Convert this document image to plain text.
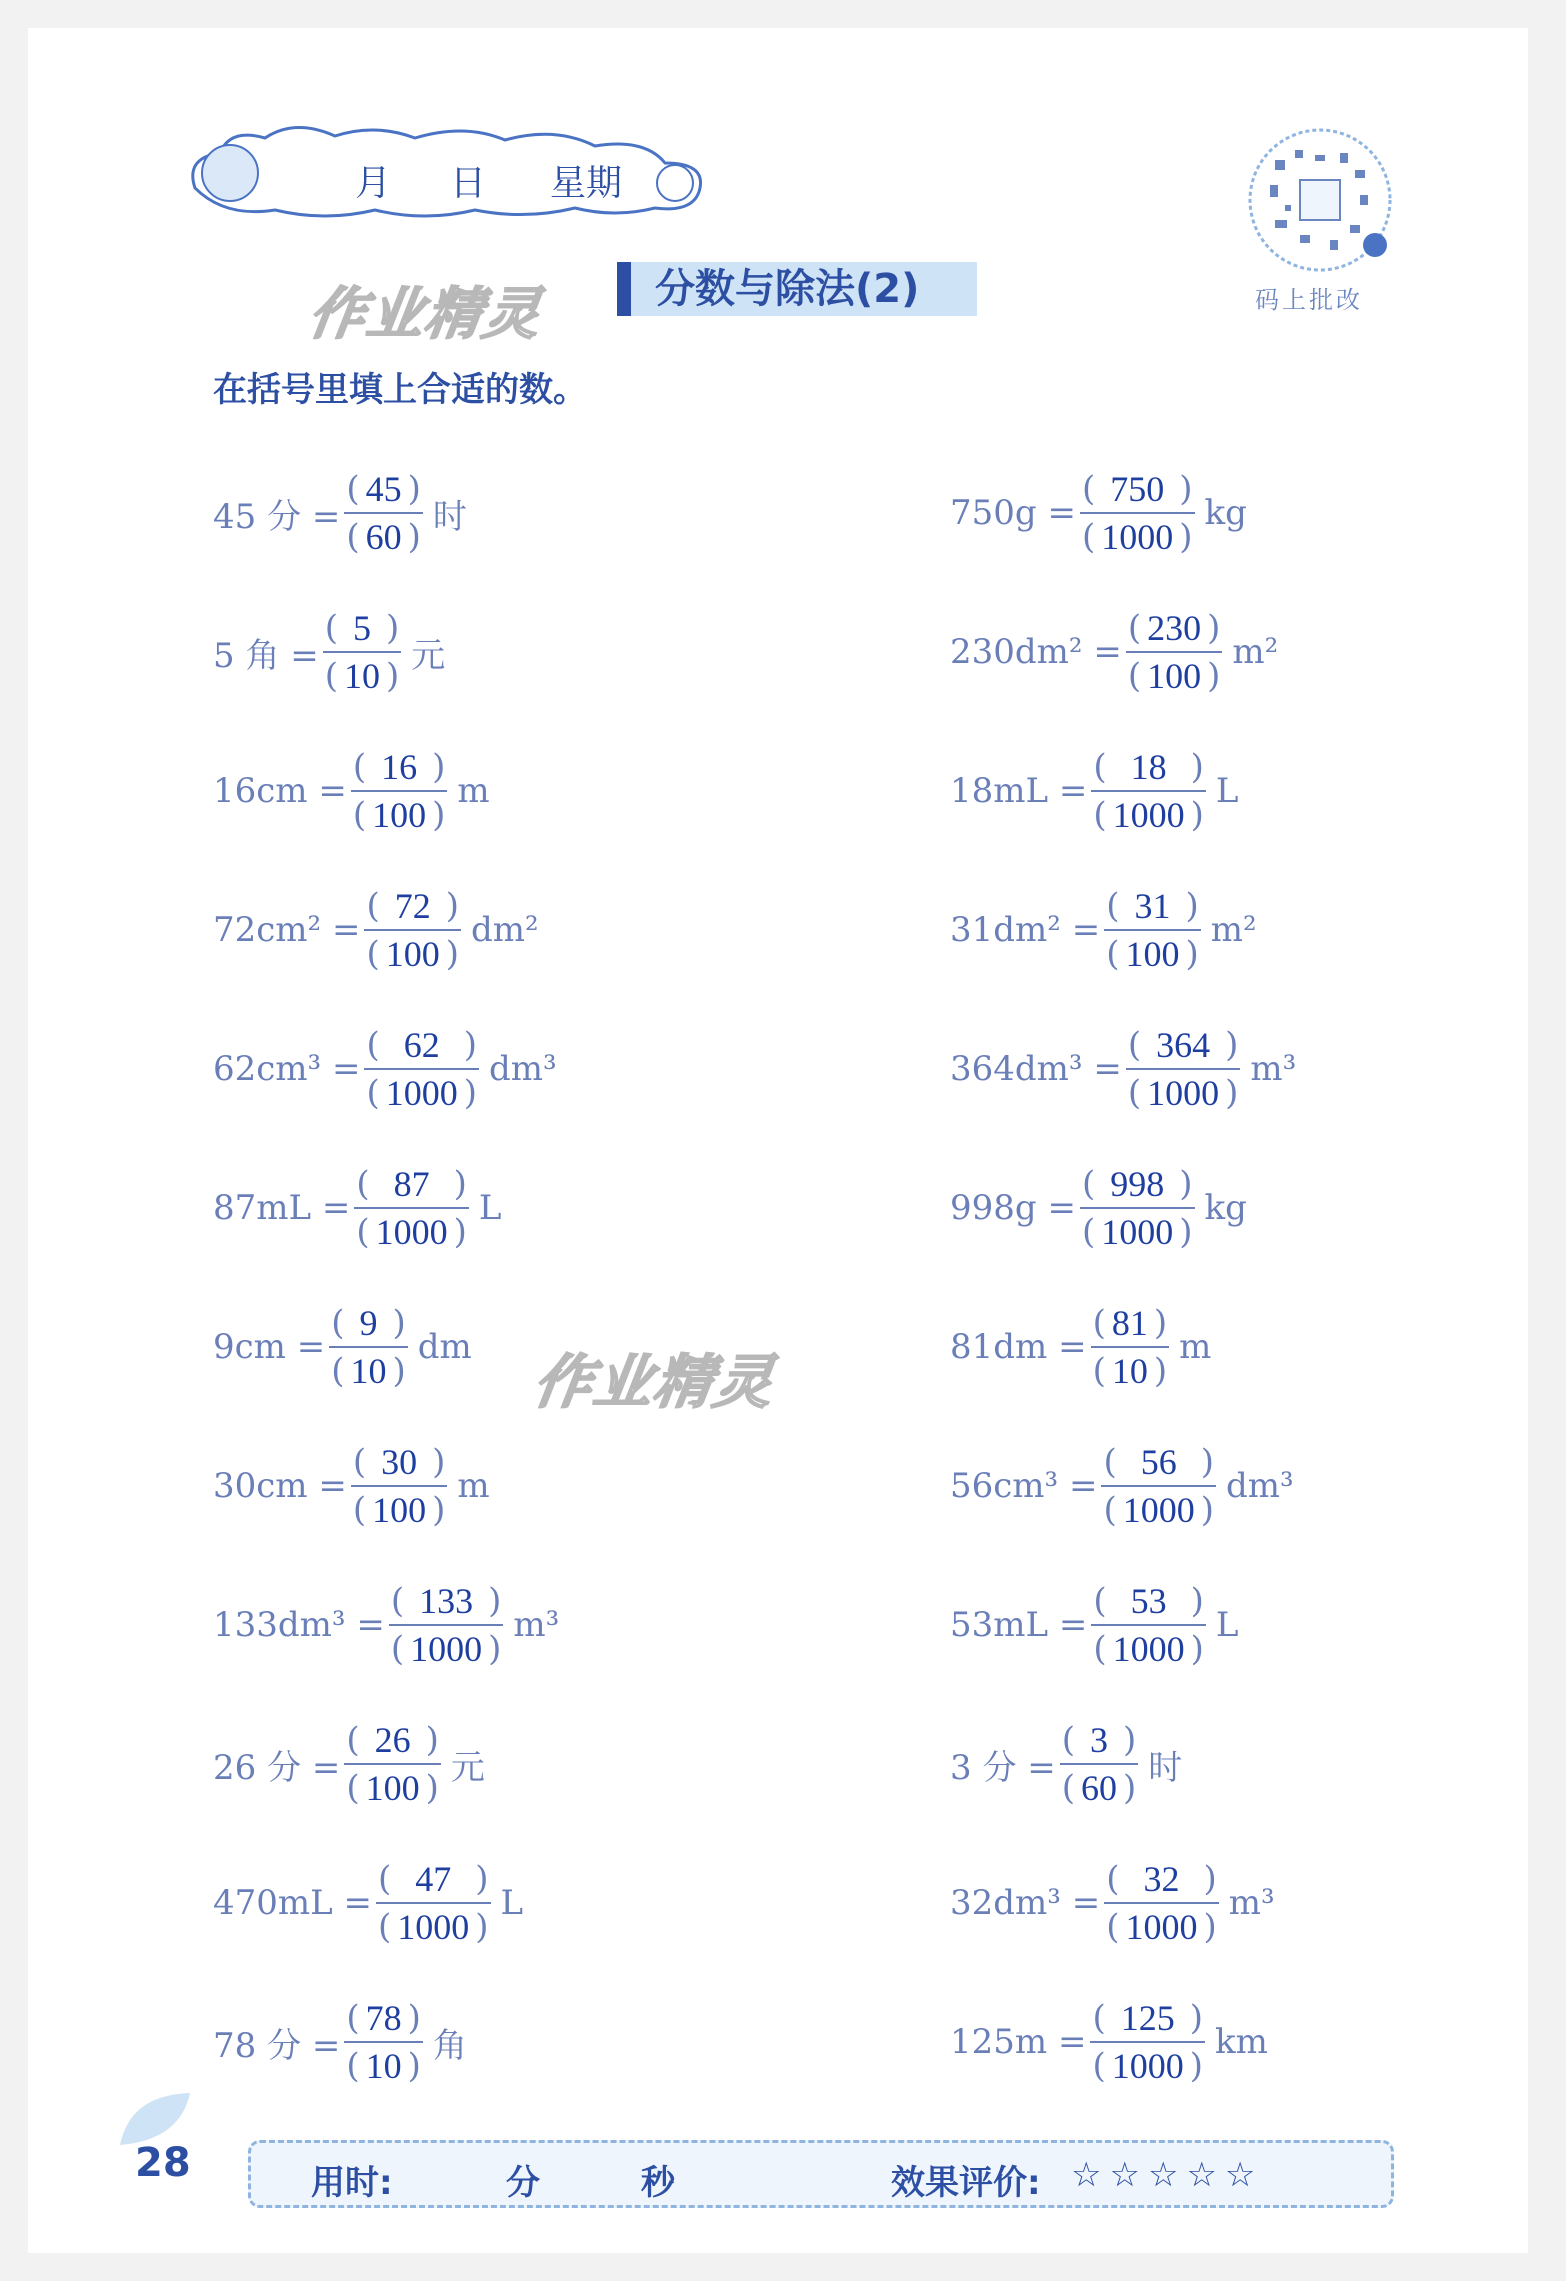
月	日	星期
码上批改
作业精灵
作业精灵
分数与除法(2)
在括号里填上合适的数。
45 分 = $\frac{( 45 )}{( 60 )}$ 时
5 角 = $\frac{( 5 )}{( 10 )}$ 元
$16cm = \frac{( 16 )}{( 100 )}$ m
$72cm^2 = \frac{( 72 )}{( 100 )} dm^2$
$62cm^3 = \frac{( 62 )}{( 1000 )} dm^3$
$87mL = \frac{( 87 )}{( 1000 )}$ L
$9cm = \frac{( 9 )}{( 10 )}$ dm
$30cm = \frac{( 30 )}{( 100 )}$ m
$133dm^3 = \frac{( 133 )}{( 1000 )} m^3$
26 分 = $\frac{( 26 )}{( 100 )}$ 元
$470mL = \frac{( 47 )}{( 1000 )}$ L
78 分 = $\frac{( 78 )}{( 10 )}$ 角
$750g = \frac{( 750 )}{( 1000 )}$ kg
$230dm^2 = \frac{( 230 )}{( 100 )} m^2$
$18mL = \frac{( 18 )}{( 1000 )}$ L
$31dm^2 = \frac{( 31 )}{( 100 )} m^2$
$364dm^3 = \frac{( 364 )}{( 1000 )} m^3$
$998g = \frac{( 998 )}{( 1000 )}$ kg
$81dm = \frac{( 81 )}{( 10 )}$ m
$56cm^3 = \frac{( 56 )}{( 1000 )} dm^3$
$53mL = \frac{( 53 )}{( 1000 )}$ L
3 分 = $\frac{( 3 )}{( 60 )}$ 时
$32dm^3 = \frac{( 32 )}{( 1000 )} m^3$
$125m = \frac{( 125 )}{( 1000 )}$ km
28	用时:	分	秒	效果评价: ☆☆☆☆☆
